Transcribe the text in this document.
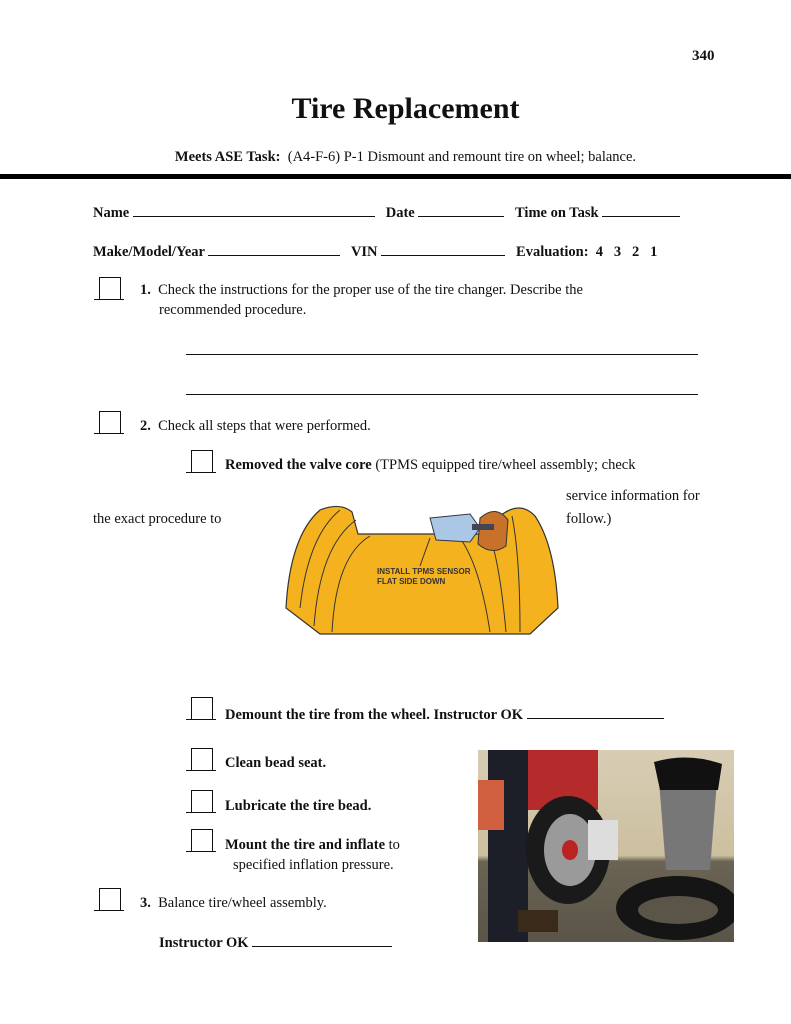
340
Tire Replacement
Meets ASE Task: (A4-F-6) P-1 Dismount and remount tire on wheel; balance.
Name	Date	Time on Task
Make/Model/Year	VIN	Evaluation: 4 3 2 1
1. Check the instructions for the proper use of the tire changer. Describe the
recommended procedure.
2. Check all steps that were performed.
Removed the valve core (TPMS equipped tire/wheel assembly; check
service information for
the exact procedure to	follow.)
INSTALL TPMS SENSOR
FLAT SIDE DOWN
Demount the tire from the wheel. Instructor OK
Clean bead seat.
Lubricate the tire bead.
Mount the tire and inflate to
specified inflation pressure.
3. Balance tire/wheel assembly.
Instructor OK
